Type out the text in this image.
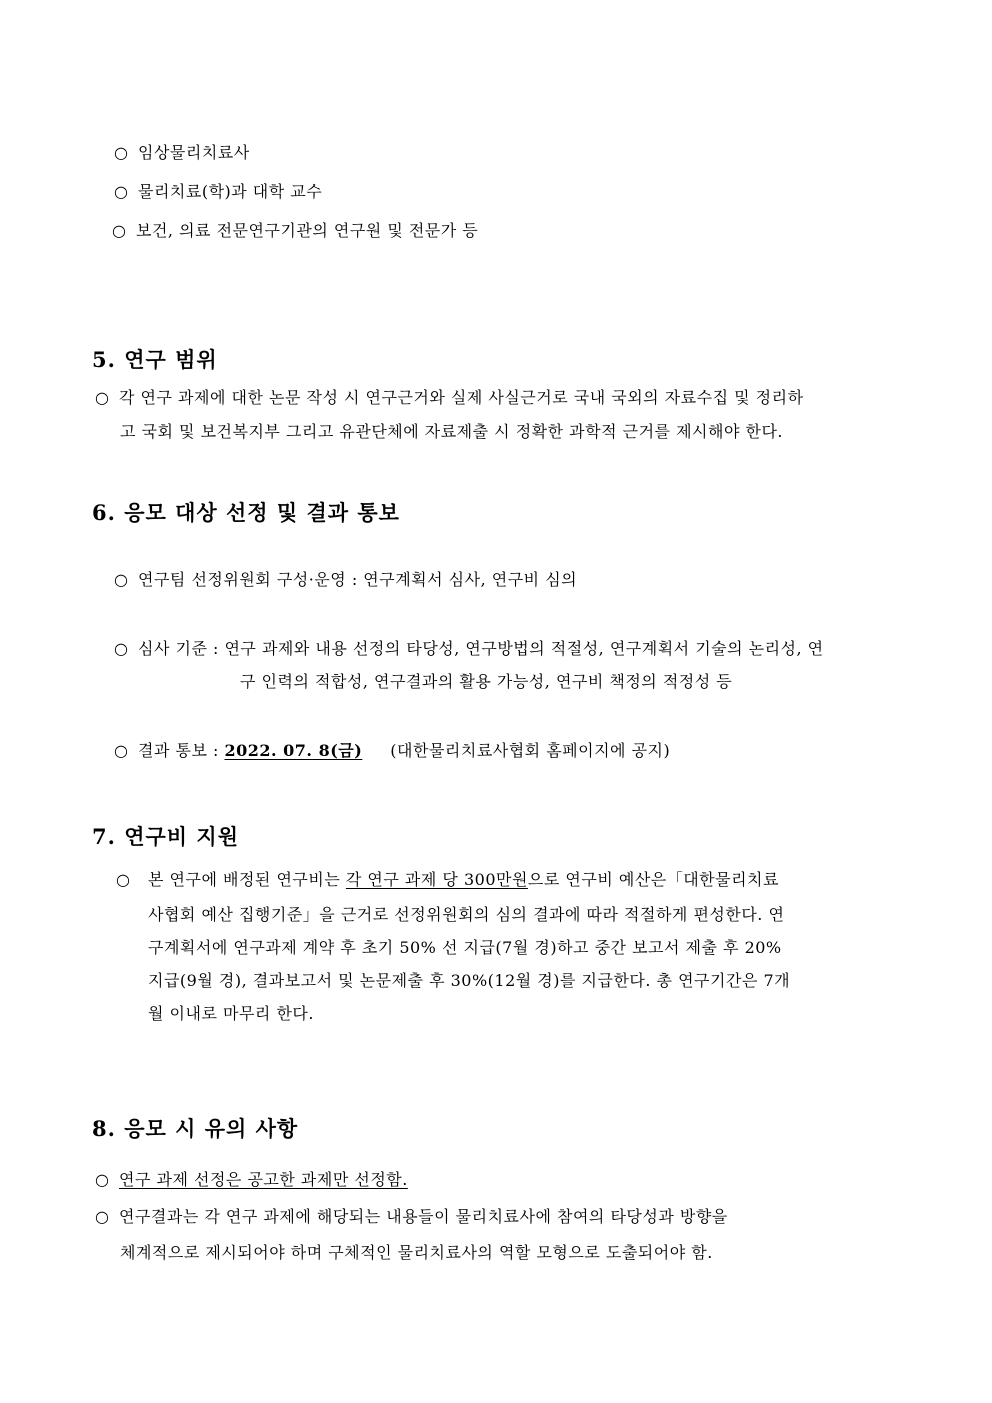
○ 임상물리치료사
○ 물리치료(학)과 대학 교수
○ 보건, 의료 전문연구기관의 연구원 및 전문가 등
5. 연구 범위
○ 각 연구 과제에 대한 논문 작성 시 연구근거와 실제 사실근거로 국내 국외의 자료수집 및 정리하
고 국회 및 보건복지부 그리고 유관단체에 자료제출 시 정확한 과학적 근거를 제시해야 한다.
6. 응모 대상 선정 및 결과 통보
○ 연구팀 선정위원회 구성·운영 : 연구계획서 심사, 연구비 심의
○ 심사 기준 : 연구 과제와 내용 선정의 타당성, 연구방법의 적절성, 연구계획서 기술의 논리성, 연
구 인력의 적합성, 연구결과의 활용 가능성, 연구비 책정의 적정성 등
○ 결과 통보 : 2022. 07. 8(금) (대한물리치료사협회 홈페이지에 공지)
7. 연구비 지원
○ 본 연구에 배정된 연구비는 각 연구 과제 당 300만원으로 연구비 예산은「대한물리치료
사협회 예산 집행기준」을 근거로 선정위원회의 심의 결과에 따라 적절하게 편성한다. 연
구계획서에 연구과제 계약 후 초기 50% 선 지급(7월 경)하고 중간 보고서 제출 후 20%
지급(9월 경), 결과보고서 및 논문제출 후 30%(12월 경)를 지급한다. 총 연구기간은 7개
월 이내로 마무리 한다.
8. 응모 시 유의 사항
○ 연구 과제 선정은 공고한 과제만 선정함.
○ 연구결과는 각 연구 과제에 해당되는 내용들이 물리치료사에 참여의 타당성과 방향을
체계적으로 제시되어야 하며 구체적인 물리치료사의 역할 모형으로 도출되어야 함.
